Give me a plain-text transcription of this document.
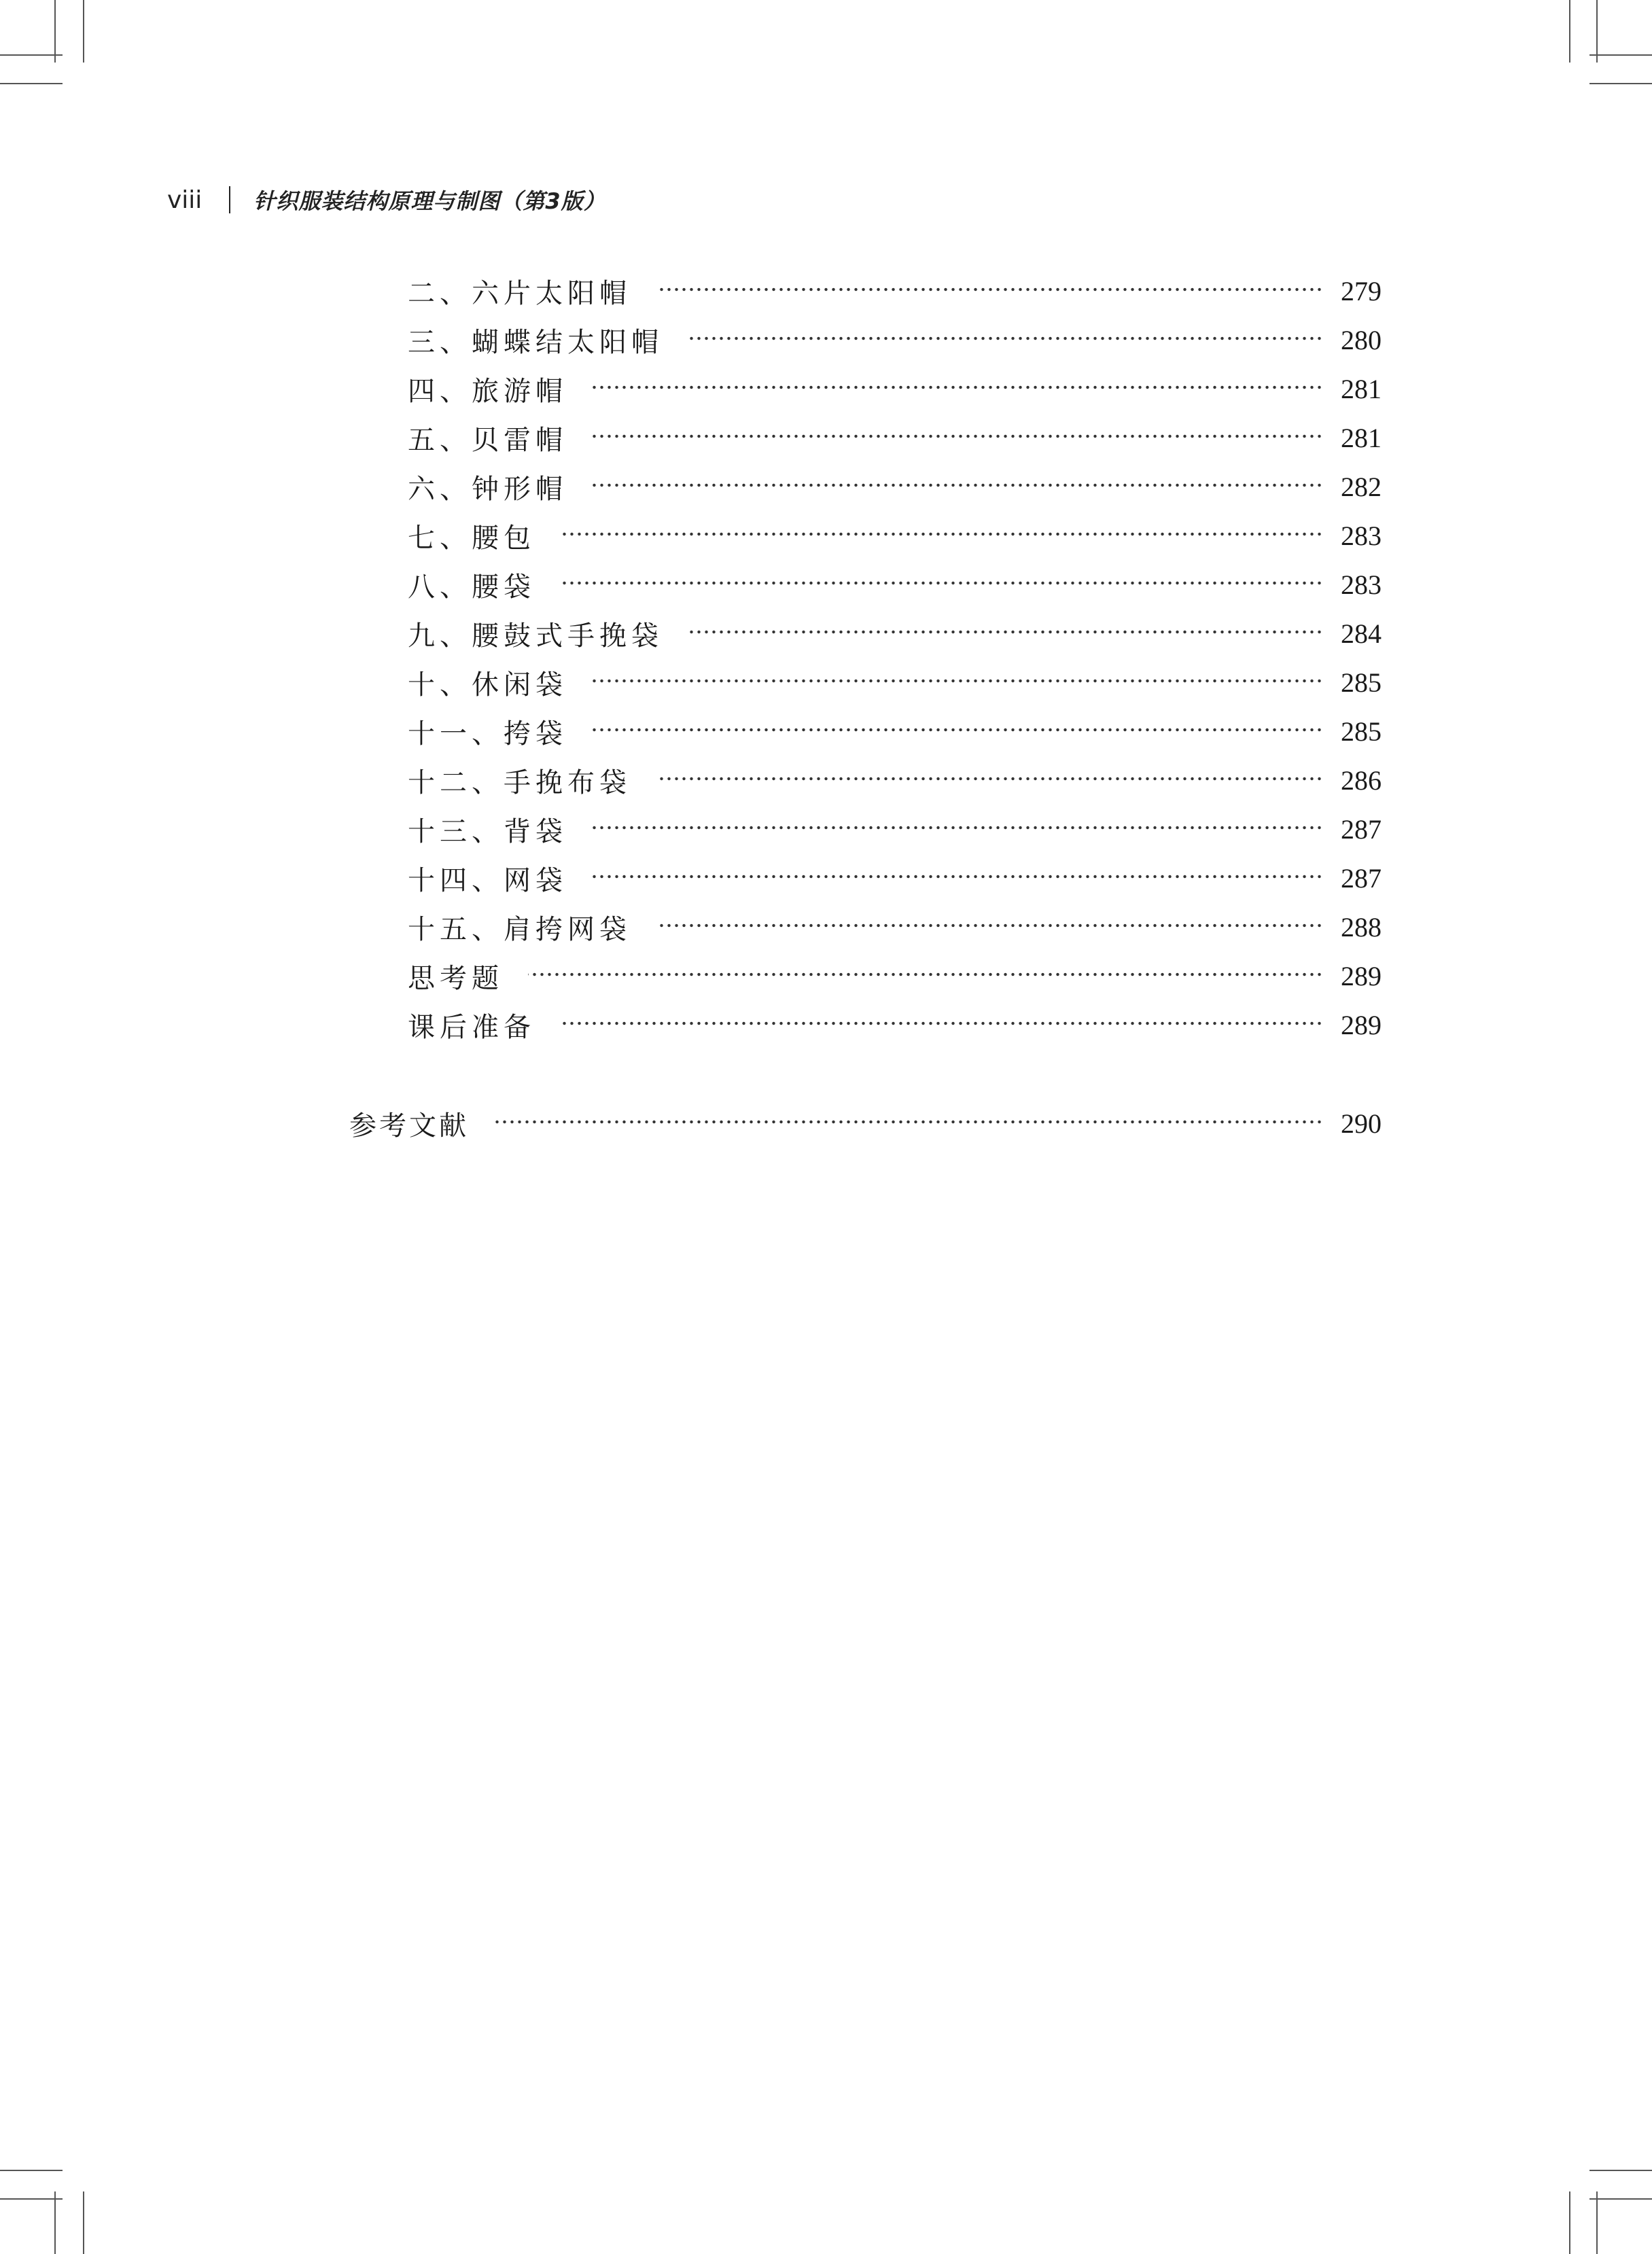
viii 针织服装结构原理与制图（第3版）
二、六片太阳帽	279
三、蝴蝶结太阳帽	280
四、旅游帽	281
五、贝雷帽	281
六、钟形帽	282
七、腰包	283
八、腰袋	283
九、腰鼓式手挽袋	284
十、休闲袋	285
十一、挎袋	285
十二、手挽布袋	286
十三、背袋	287
十四、网袋	287
十五、肩挎网袋	288
思考题	289
课后准备	289
参考文献	290
